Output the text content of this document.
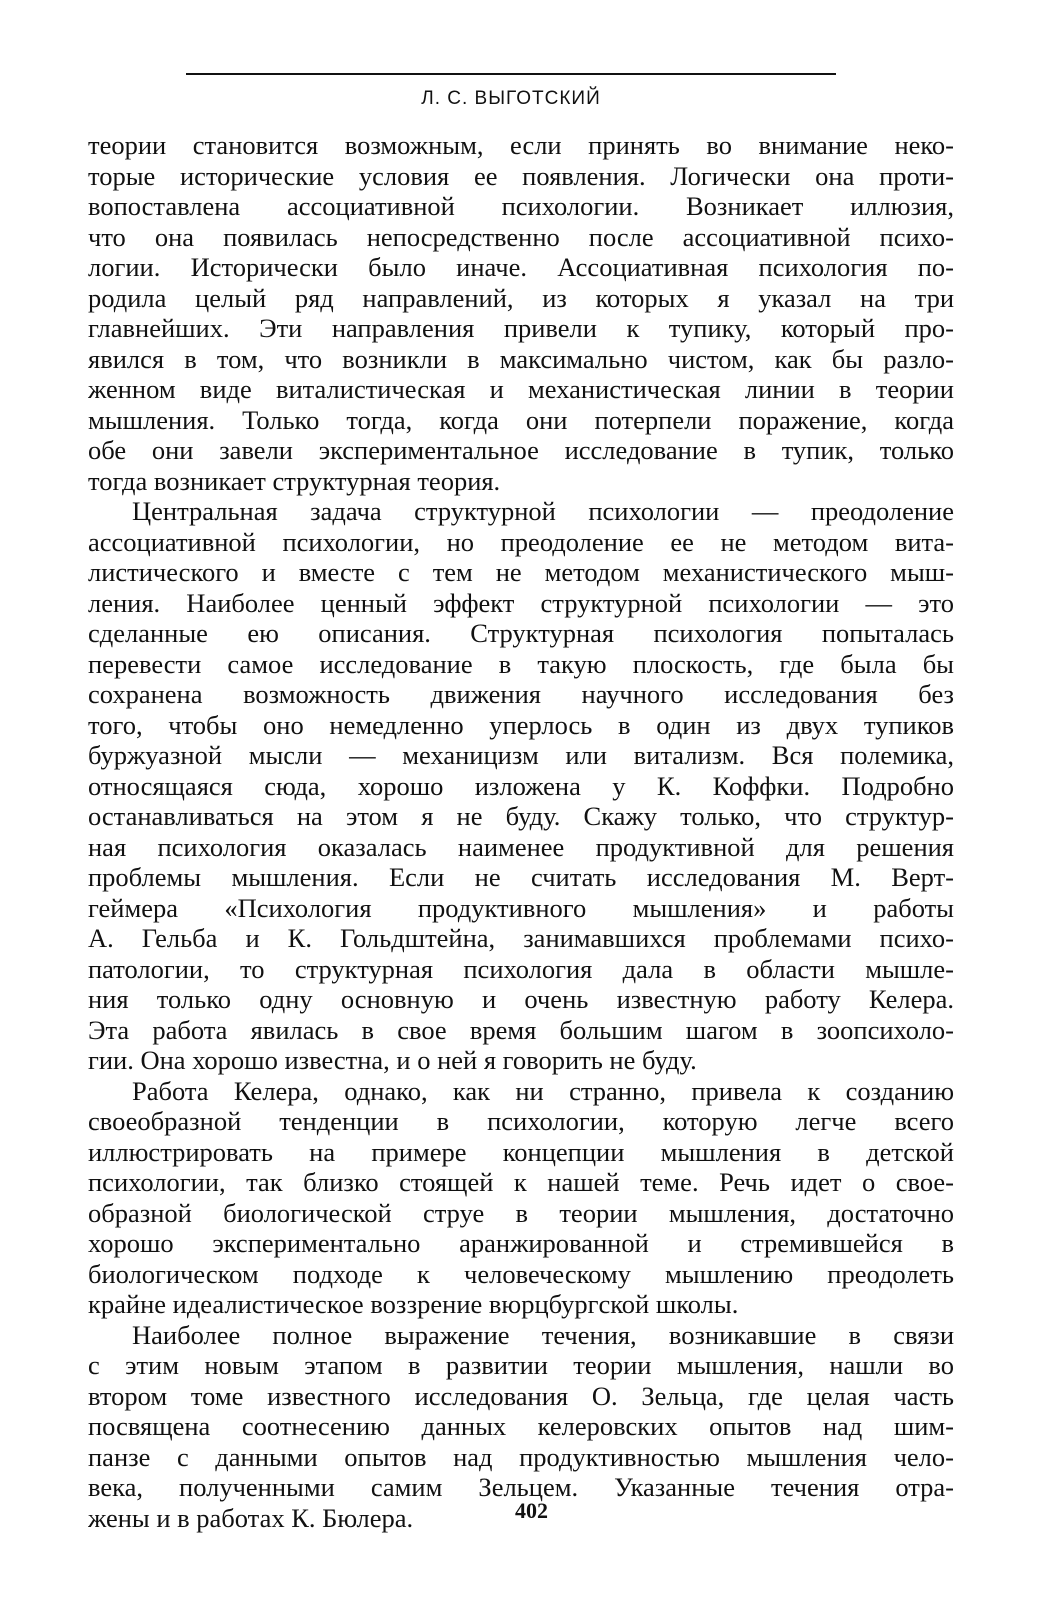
Л. С. ВЫГОТСКИЙ

теории становится возможным, если принять во внимание неко-
торые исторические условия ее появления. Логически она проти-
вопоставлена ассоциативной психологии. Возникает иллюзия,
что она появилась непосредственно после ассоциативной психо-
логии. Исторически было иначе. Ассоциативная психология по-
родила целый ряд направлений, из которых я указал на три
главнейших. Эти направления привели к тупику, который про-
явился в том, что возникли в максимально чистом, как бы разло-
женном виде виталистическая и механистическая линии в теории
мышления. Только тогда, когда они потерпели поражение, когда
обе они завели экспериментальное исследование в тупик, только
тогда возникает структурная теория.

Центральная задача структурной психологии — преодоление
ассоциативной психологии, но преодоление ее не методом вита-
листического и вместе с тем не методом механистического мыш-
ления. Наиболее ценный эффект структурной психологии — это
сделанные ею описания. Структурная психология попыталась
перевести самое исследование в такую плоскость, где была бы
сохранена возможность движения научного исследования без
того, чтобы оно немедленно уперлось в один из двух тупиков
буржуазной мысли — механицизм или витализм. Вся полемика,
относящаяся сюда, хорошо изложена у К. Коффки. Подробно
останавливаться на этом я не буду. Скажу только, что структур-
ная психология оказалась наименее продуктивной для решения
проблемы мышления. Если не считать исследования М. Верт-
геймера «Психология продуктивного мышления» и работы
А. Гельба и К. Гольдштейна, занимавшихся проблемами психо-
патологии, то структурная психология дала в области мышле-
ния только одну основную и очень известную работу Келера.
Эта работа явилась в свое время большим шагом в зоопсихоло-
гии. Она хорошо известна, и о ней я говорить не буду.

Работа Келера, однако, как ни странно, привела к созданию
своеобразной тенденции в психологии, которую легче всего
иллюстрировать на примере концепции мышления в детской
психологии, так близко стоящей к нашей теме. Речь идет о свое-
образной биологической струе в теории мышления, достаточно
хорошо экспериментально аранжированной и стремившейся в
биологическом подходе к человеческому мышлению преодолеть
крайне идеалистическое воззрение вюрцбургской школы.

Наиболее полное выражение течения, возникавшие в связи
с этим новым этапом в развитии теории мышления, нашли во
втором томе известного исследования О. Зельца, где целая часть
посвящена соотнесению данных келеровских опытов над шим-
панзе с данными опытов над продуктивностью мышления чело-
века, полученными самим Зельцем. Указанные течения отра-
жены и в работах К. Бюлера.	402
